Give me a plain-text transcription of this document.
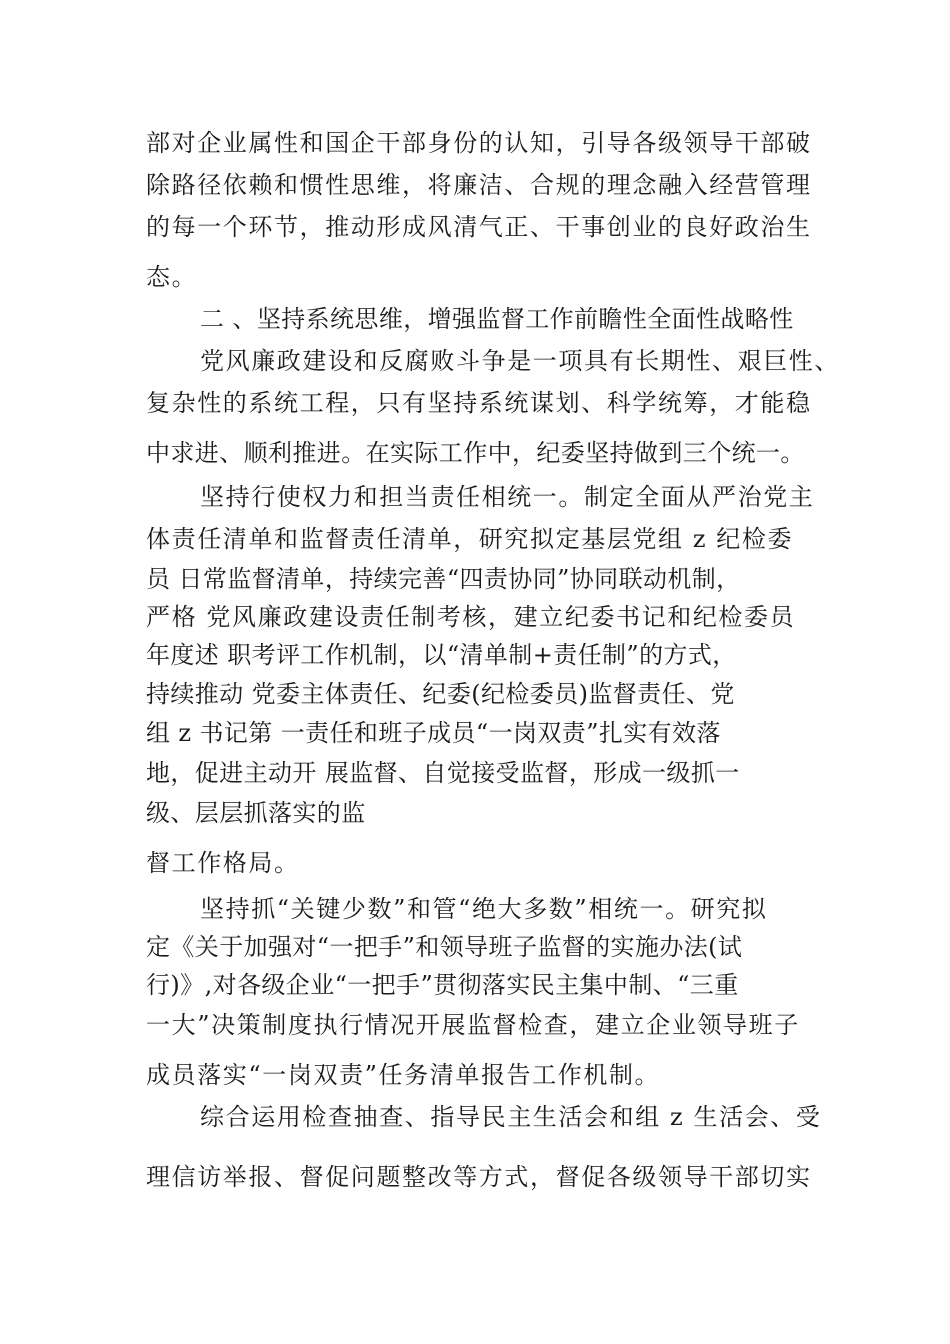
部对企业属性和国企干部身份的认知，引导各级领导干部破
除路径依赖和惯性思维，将廉洁、合规的理念融入经营管理
的每一个环节，推动形成风清气正、干事创业的良好政治生
态。
二 、坚持系统思维，增强监督工作前瞻性全面性战略性
党风廉政建设和反腐败斗争是一项具有长期性、艰巨性、
复杂性的系统工程，只有坚持系统谋划、科学统筹，才能稳
中求进、顺利推进。在实际工作中，纪委坚持做到三个统一。
坚持行使权力和担当责任相统一。制定全面从严治党主
体责任清单和监督责任清单，研究拟定基层党组 z 纪检委
员 日常监督清单，持续完善“四责协同”协同联动机制，
严格 党风廉政建设责任制考核，建立纪委书记和纪检委员
年度述 职考评工作机制，以“清单制+责任制”的方式，
持续推动 党委主体责任、纪委(纪检委员)监督责任、党
组 z 书记第 一责任和班子成员“一岗双责”扎实有效落
地，促进主动开 展监督、自觉接受监督，形成一级抓一
级、层层抓落实的监
督工作格局。
坚持抓“关键少数”和管“绝大多数”相统一。研究拟
定《关于加强对“一把手”和领导班子监督的实施办法(试
行)》,对各级企业“一把手”贯彻落实民主集中制、“三重
一大”决策制度执行情况开展监督检查，建立企业领导班子
成员落实“一岗双责”任务清单报告工作机制。
综合运用检查抽查、指导民主生活会和组 z 生活会、受
理信访举报、督促问题整改等方式，督促各级领导干部切实
